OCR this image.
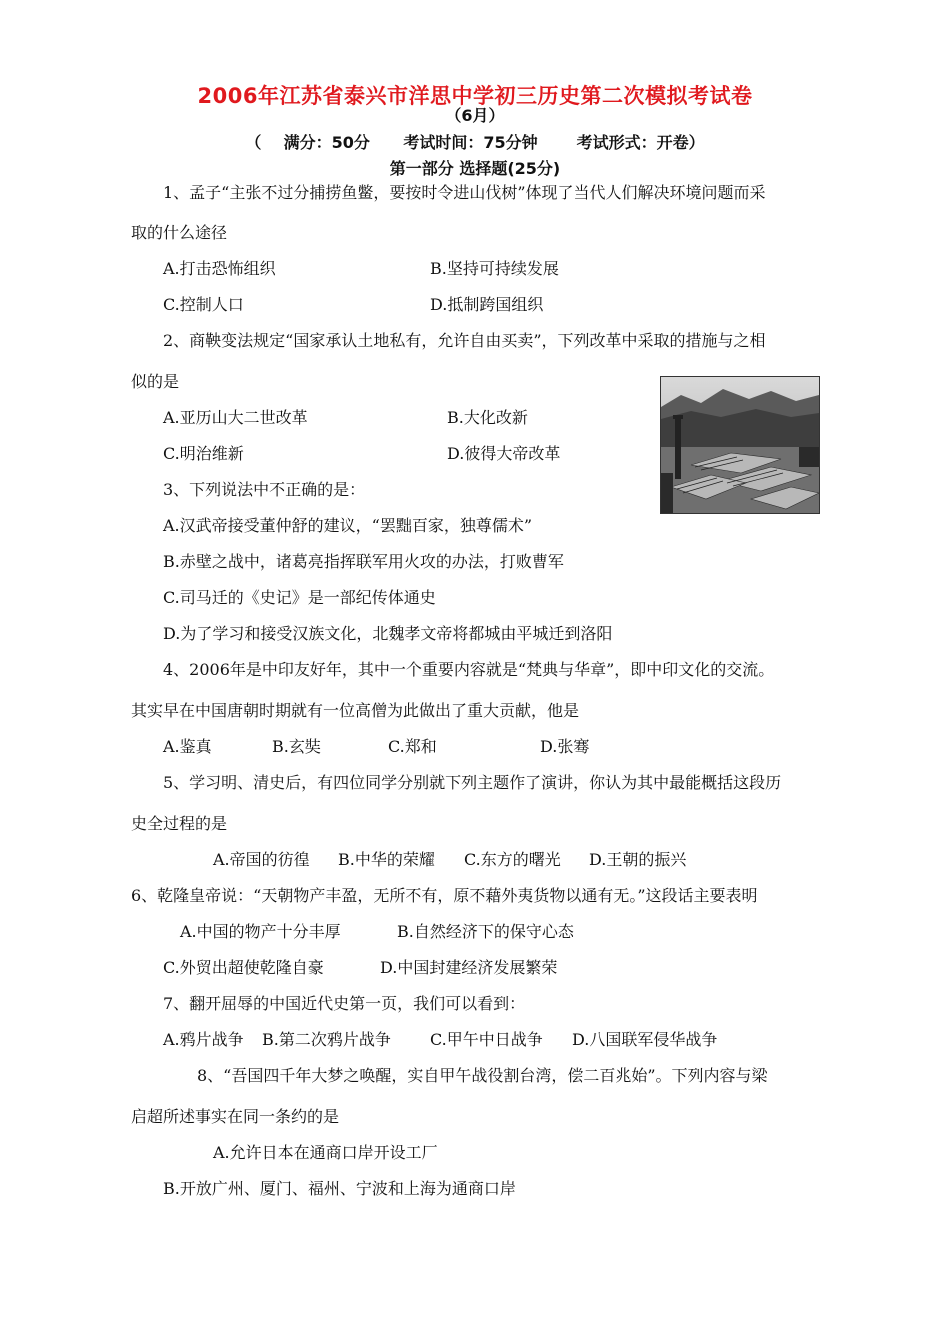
2006年江苏省泰兴市洋思中学初三历史第二次模拟考试卷
（6月）
（    满分：50分      考试时间：75分钟       考试形式：开卷）
第一部分 选择题(25分)
1、孟子“主张不过分捕捞鱼鳖，要按时令进山伐树”体现了当代人们解决环境问题而采
取的什么途径
A.打击恐怖组织	B.坚持可持续发展
C.控制人口	D.抵制跨国组织
2、商鞅变法规定“国家承认土地私有，允许自由买卖”，下列改革中采取的措施与之相
似的是
A.亚历山大二世改革	B.大化改新
C.明治维新	D.彼得大帝改革
3、下列说法中不正确的是：
A.汉武帝接受董仲舒的建议，“罢黜百家，独尊儒术”
B.赤壁之战中，诸葛亮指挥联军用火攻的办法，打败曹军
C.司马迁的《史记》是一部纪传体通史
D.为了学习和接受汉族文化，北魏孝文帝将都城由平城迁到洛阳
4、2006年是中印友好年，其中一个重要内容就是“梵典与华章”，即中印文化的交流。
其实早在中国唐朝时期就有一位高僧为此做出了重大贡献，他是
A.鉴真	B.玄奘	C.郑和	D.张骞
5、学习明、清史后，有四位同学分别就下列主题作了演讲，你认为其中最能概括这段历
史全过程的是
A.帝国的彷徨 B.中华的荣耀 C.东方的曙光 D.王朝的振兴
6、乾隆皇帝说：“天朝物产丰盈，无所不有，原不藉外夷货物以通有无。”这段话主要表明
A.中国的物产十分丰厚	B.自然经济下的保守心态
C.外贸出超使乾隆自豪	D.中国封建经济发展繁荣
7、翻开屈辱的中国近代史第一页，我们可以看到：
A.鸦片战争 B.第二次鸦片战争 C.甲午中日战争 D.八国联军侵华战争
8、“吾国四千年大梦之唤醒，实自甲午战役割台湾，偿二百兆始”。下列内容与梁
启超所述事实在同一条约的是
A.允许日本在通商口岸开设工厂
B.开放广州、厦门、福州、宁波和上海为通商口岸
